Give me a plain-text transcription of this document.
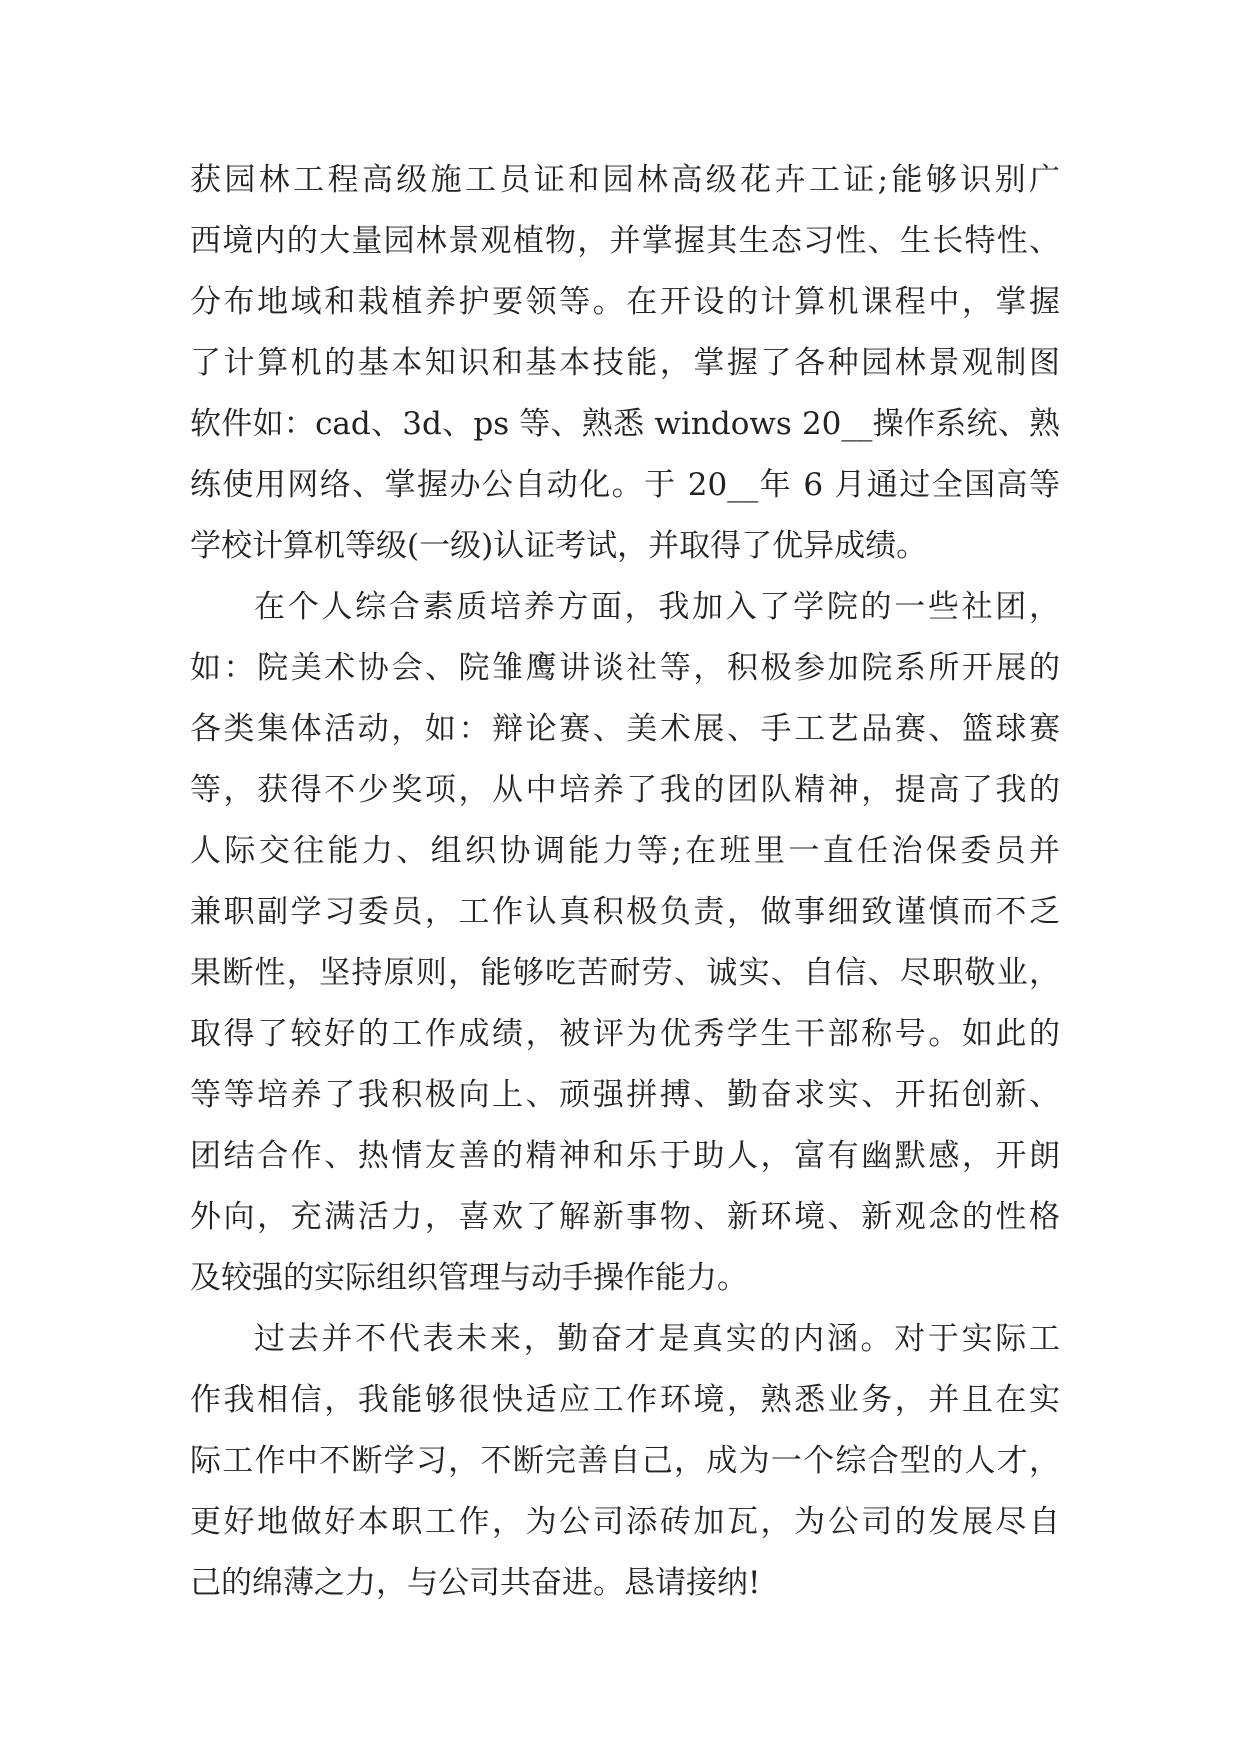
获园林工程高级施工员证和园林高级花卉工证;能够识别广
西境内的大量园林景观植物，并掌握其生态习性、生长特性、
分布地域和栽植养护要领等。在开设的计算机课程中，掌握
了计算机的基本知识和基本技能，掌握了各种园林景观制图
软件如：cad、3d、ps 等、熟悉 windows 20__操作系统、熟
练使用网络、掌握办公自动化。于 20__年 6 月通过全国高等
学校计算机等级(一级)认证考试，并取得了优异成绩。
在个人综合素质培养方面，我加入了学院的一些社团，
如：院美术协会、院雏鹰讲谈社等，积极参加院系所开展的
各类集体活动，如：辩论赛、美术展、手工艺品赛、篮球赛
等，获得不少奖项，从中培养了我的团队精神，提高了我的
人际交往能力、组织协调能力等;在班里一直任治保委员并
兼职副学习委员，工作认真积极负责，做事细致谨慎而不乏
果断性，坚持原则，能够吃苦耐劳、诚实、自信、尽职敬业，
取得了较好的工作成绩，被评为优秀学生干部称号。如此的
等等培养了我积极向上、顽强拼搏、勤奋求实、开拓创新、
团结合作、热情友善的精神和乐于助人，富有幽默感，开朗
外向，充满活力，喜欢了解新事物、新环境、新观念的性格
及较强的实际组织管理与动手操作能力。
过去并不代表未来，勤奋才是真实的内涵。对于实际工
作我相信，我能够很快适应工作环境，熟悉业务，并且在实
际工作中不断学习，不断完善自己，成为一个综合型的人才，
更好地做好本职工作，为公司添砖加瓦，为公司的发展尽自
己的绵薄之力，与公司共奋进。恳请接纳!
